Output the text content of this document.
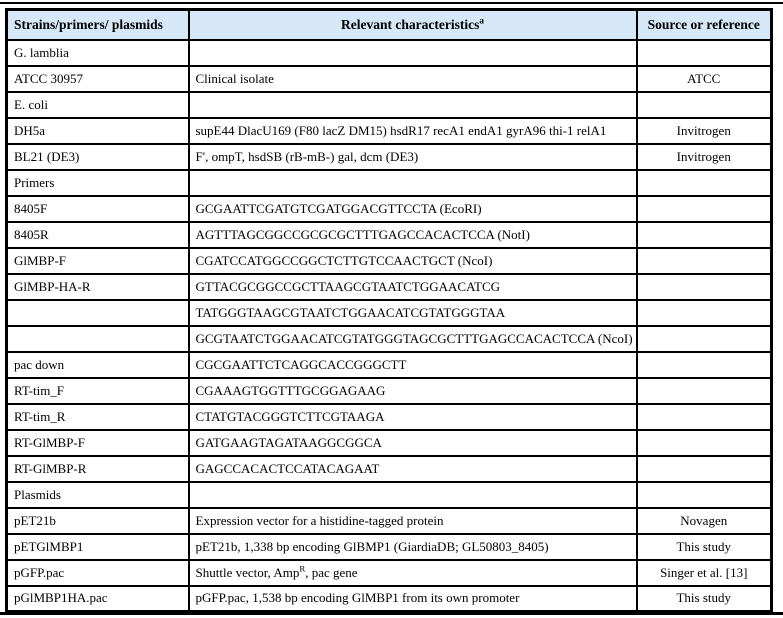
Strains/primers/ plasmids	Relevant characteristics$^a$	Source or reference
G. lamblia		
ATCC 30957	Clinical isolate	ATCC
E. coli		
DH5a	supE44 DlacU169 (F80 lacZ DM15) hsdR17 recA1 endA1 gyrA96 thi-1 relA1	Invitrogen
BL21 (DE3)	F', ompT, hsdSB (rB-mB-) gal, dcm (DE3)	Invitrogen
Primers		
8405F	GCGAATTCGATGTCGATGGACGTTCCTA (EcoRI)	
8405R	AGTTTAGCGGCCGCGCGCTTTGAGCCACACTCCA (NotI)	
GlMBP-F	CGATCCATGGCCGGCTCTTGTCCAACTGCT (NcoI)	
GlMBP-HA-R	GTTACGCGGCCGCTTAAGCGTAATCTGGAACATCG	
	TATGGGTAAGCGTAATCTGGAACATCGTATGGGTAA	
	GCGTAATCTGGAACATCGTATGGGTAGCGCTTTGAGCCACACTCCA (NcoI)	
pac down	CGCGAATTCTCAGGCACCGGGCTT	
RT-tim_F	CGAAAGTGGTTTGCGGAGAAG	
RT-tim_R	CTATGTACGGGTCTTCGTAAGA	
RT-GlMBP-F	GATGAAGTAGATAAGGCGGCA	
RT-GlMBP-R	GAGCCACACTCCATACAGAAT	
Plasmids		
pET21b	Expression vector for a histidine-tagged protein	Novagen
pETGlMBP1	pET21b, 1,338 bp encoding GlBMP1 (GiardiaDB; GL50803_8405)	This study
pGFP.pac	Shuttle vector, Amp$^R$, pac gene	Singer et al. [13]
pGlMBP1HA.pac	pGFP.pac, 1,538 bp encoding GlMBP1 from its own promoter	This study
